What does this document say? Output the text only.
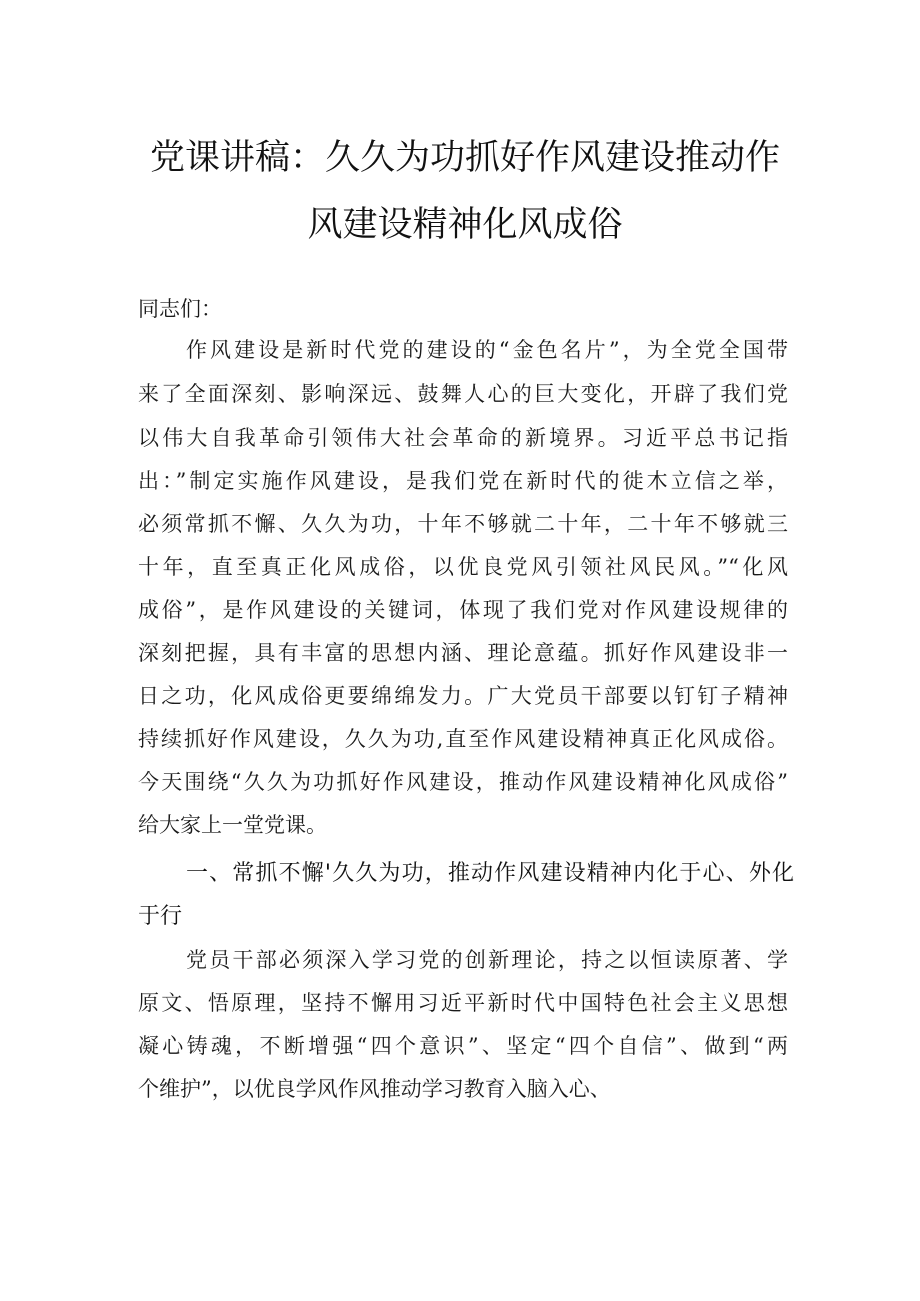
党课讲稿：久久为功抓好作风建设推动作
风建设精神化风成俗
同志们：
作风建设是新时代党的建设的“金色名片”，为全党全国带
来了全面深刻、影响深远、鼓舞人心的巨大变化，开辟了我们党
以伟大自我革命引领伟大社会革命的新境界。习近平总书记指
出：”制定实施作风建设，是我们党在新时代的徙木立信之举，
必须常抓不懈、久久为功，十年不够就二十年，二十年不够就三
十年，直至真正化风成俗，以优良党风引领社风民风。”“化风
成俗”，是作风建设的关键词，体现了我们党对作风建设规律的
深刻把握，具有丰富的思想内涵、理论意蕴。抓好作风建设非一
日之功，化风成俗更要绵绵发力。广大党员干部要以钉钉子精神
持续抓好作风建设，久久为功,直至作风建设精神真正化风成俗。
今天围绕“久久为功抓好作风建设，推动作风建设精神化风成俗”
给大家上一堂党课。
一、常抓不懈'久久为功，推动作风建设精神内化于心、外化
于行
党员干部必须深入学习党的创新理论，持之以恒读原著、学
原文、悟原理，坚持不懈用习近平新时代中国特色社会主义思想
凝心铸魂，不断增强“四个意识”、坚定“四个自信”、做到“两
个维护”，以优良学风作风推动学习教育入脑入心、
